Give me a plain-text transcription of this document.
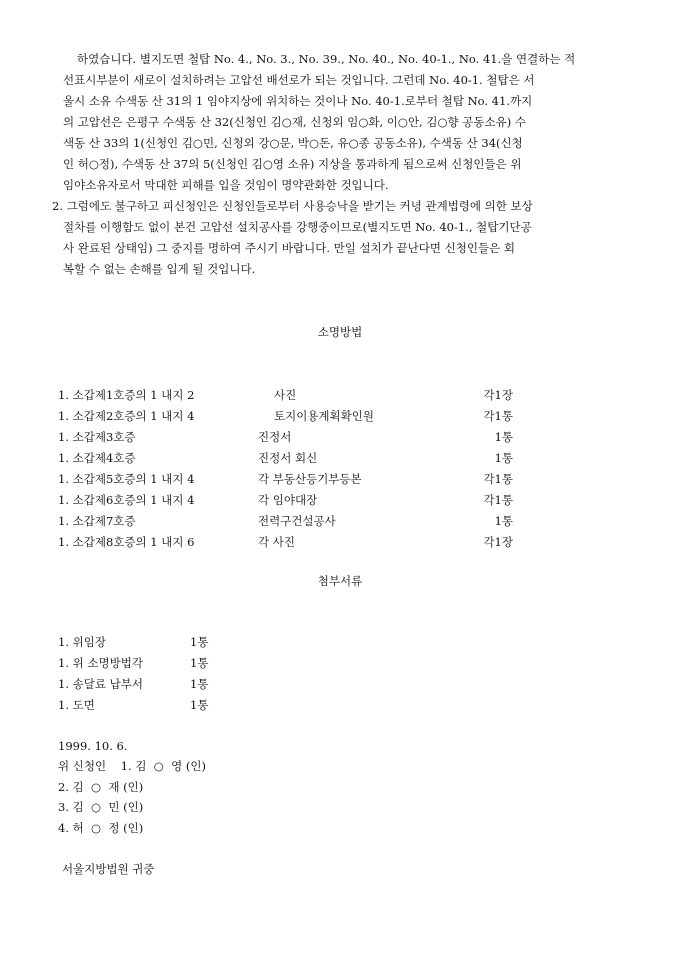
하였습니다. 별지도면 철탑 No. 4., No. 3., No. 39., No. 40., No. 40-1., No. 41.을 연결하는 적
선표시부분이 새로이 설치하려는 고압선 배선로가 되는 것입니다. 그런데 No. 40-1. 철탑은 서
울시 소유 수색동 산 31의 1 임야지상에 위치하는 것이나 No. 40-1.로부터 철탑 No. 41.까지
의 고압선은 은평구 수색동 산 32(신청인 김○재, 신청외 임○화, 이○안, 김○향 공동소유) 수
색동 산 33의 1(신청인 김○민, 신청외 강○문, 박○돈, 유○종 공동소유), 수색동 산 34(신청
인 허○정), 수색동 산 37의 5(신청인 김○영 소유) 지상을 통과하게 됨으로써 신청인들은 위
임야소유자로서 막대한 피해를 입을 것임이 명약관화한 것입니다.
2. 그럼에도 불구하고 피신청인은 신청인들로부터 사용승낙을 받기는 커녕 관계법령에 의한 보상
절차를 이행함도 없이 본건 고압선 설치공사를 강행중이므로(별지도면 No. 40-1., 철탑기단공
사 완료된 상태임) 그 중지를 명하여 주시기 바랍니다. 만일 설치가 끝난다면 신청인들은 회
복할 수 없는 손해를 입게 될 것입니다.
소명방법
1. 소갑제1호증의 1 내지 2	사진	각1장
1. 소갑제2호증의 1 내지 4	토지이용계획확인원	각1통
1. 소갑제3호증	진정서	1통
1. 소갑제4호증	진정서 회신	1통
1. 소갑제5호증의 1 내지 4	각 부동산등기부등본	각1통
1. 소갑제6호증의 1 내지 4	각 임야대장	각1통
1. 소갑제7호증	전력구건설공사	1통
1. 소갑제8호증의 1 내지 6	각 사진	각1장
첨부서류
1. 위임장	1통
1. 위 소명방법각	1통
1. 송달료 납부서	1통
1. 도면	1통
1999. 10. 6.
위 신청인    1. 김  ○  영 (인)
2. 김  ○  재 (인)
3. 김  ○  민 (인)
4. 허  ○  정 (인)
서울지방법원 귀중
